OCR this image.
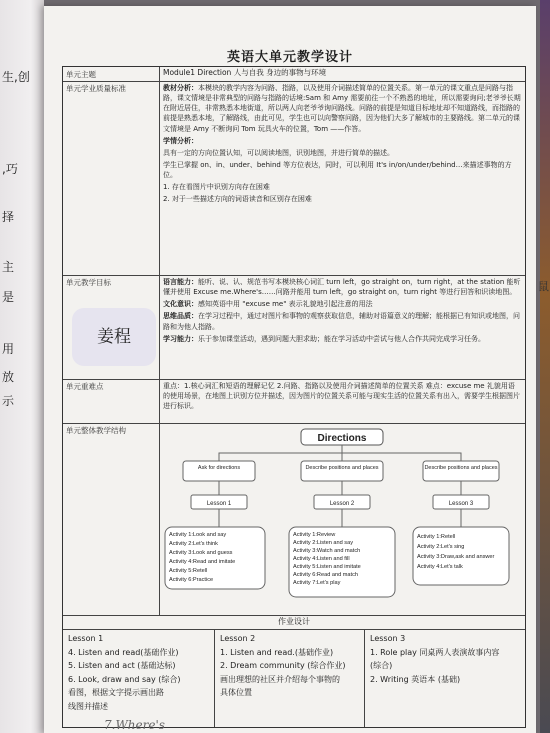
生,创
,巧
择
主
是
用
放
示
鼠
英语大单元教学设计
单元主题	Module1 Direction 人与自我 身边的事物与环境
单元学业质量标准	教材分析：本模块的教学内容为问路、指路，以及使用介词描述简单的位置关系。第一单元的课文重点是问路与指路，课文情境是非常典型的问路与指路的话境:Sam 和 Amy 需要前往一个不熟悉的地址，所以需要询问;老爷爷长期在附近居住，非常熟悉本地街道，所以两人向老爷爷询问路线。问路的前提是知道目标地址却不知道路线，而指路的前提是熟悉本地，了解路线，由此可见，学生也可以向警察问路，因为他们大多了解城市的主要路线。第二单元的课文情境是 Amy 不断询问 Tom 玩具火车的位置，Tom ——作答。

学情分析：

具有一定的方向位置认知，可以阅读地图，识别地图，并进行简单的描述。

学生已掌握 on、in、under、behind 等方位表达，同时，可以利用 It's in/on/under/behind…来描述事物的方位。

1. 存在看图片中识别方向存在困难

2. 对于一些描述方向的词语读音和区别存在困难

单元教学目标	语言能力：能听、说、认、规范书写本模块核心词汇 turn left，go straight on，turn right，at the station 能听懂并使用 Excuse me.Where's……问路并能用 turn left，go straight on，turn right 等进行回答和识读地图。

文化意识：感知英语中用 "excuse me" 表示礼貌地引起注意的用法

思维品质：在学习过程中，通过对图片和事物的观察获取信息，辅助对语篇意义的理解；能根据已有知识或地图，问路和为他人指路。

学习能力：乐于参加课堂活动，遇到问题大胆求助；能在学习活动中尝试与他人合作共同完成学习任务。

单元重难点	重点：1.核心词汇和短语的理解记忆 2.问路、指路以及使用介词描述简单的位置关系 难点：excuse me 礼貌用语的使用场景，在地图上识别方位并描述，因为图片的位置关系可能与现实生活的位置关系有出入，需要学生根据图片进行标识。
单元整体教学结构
Directions
Ask for directions
Lesson 1
Activity 1:Look and say
Activity 2:Let's think
Activity 3:Look and guess
Activity 4:Read and imitate
Activity 5:Retell
Activity 6:Practice
Describe positions and places
Lesson 2
Activity 1:Review
Activity 2:Listen and say
Activity 3:Watch and match
Activity 4:Listen and fill
Activity 5:Listen and imitate
Activity 6:Read and match
Activity 7:Let's play
Describe positions and places
Lesson 3
Activity 1:Retell
Activity 2:Let's sing
Activity 3:Draw,ask and answer
Activity 4:Let's talk
作业设计

Lesson 1

4. Listen and read(基础作业)

5. Listen and act (基础达标)

6. Look, draw and say (综合)

看图，根据文字提示画出路

线图并描述

Lesson 2

1. Listen and read.(基础作业)

2. Dream community (综合作业)

画出理想的社区并介绍每个事物的

具体位置

Lesson 3

1. Role play 同桌两人表演故事内容

(综合)

2. Writing 英语本 (基础)

7.Where's
姜程
